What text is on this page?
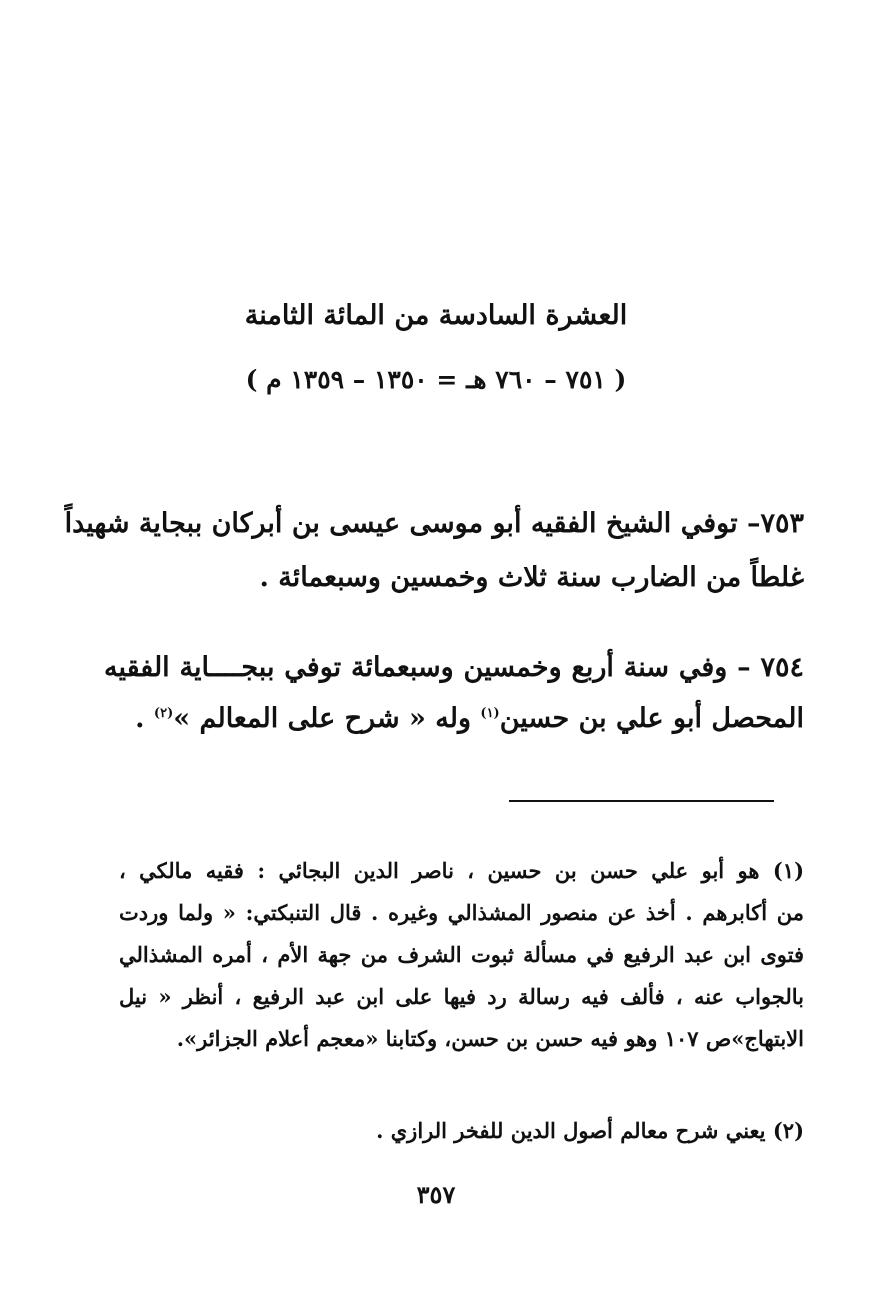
العشرة السادسة من المائة الثامنة
( ٧٥١ – ٧٦٠ هـ = ١٣٥٠ – ١٣٥٩ م )
٧٥٣– توفي الشيخ الفقيه أبو موسى عيسى بن أبركان ببجاية شهيداً
غلطاً من الضارب سنة ثلاث وخمسين وسبعمائة .
٧٥٤ – وفي سنة أربع وخمسين وسبعمائة توفي ببجــــاية الفقيه
المحصل أبو علي بن حسين$^{(١)}$ وله « شرح على المعالم »$^{(٢)}$ .
(١) هو أبو علي حسن بن حسين ، ناصر الدين البجائي : فقيه مالكي ،
من أكابرهم . أخذ عن منصور المشذالي وغيره . قال التنبكتي: « ولما وردت
فتوى ابن عبد الرفيع في مسألة ثبوت الشرف من جهة الأم ، أمره المشذالي
بالجواب عنه ، فألف فيه رسالة رد فيها على ابن عبد الرفيع ، أنظر « نيل
الابتهاج»ص ١٠٧ وهو فيه حسن بن حسن، وكتابنا «معجم أعلام الجزائر».
(٢) يعني شرح معالم أصول الدين للفخر الرازي .
٣٥٧
